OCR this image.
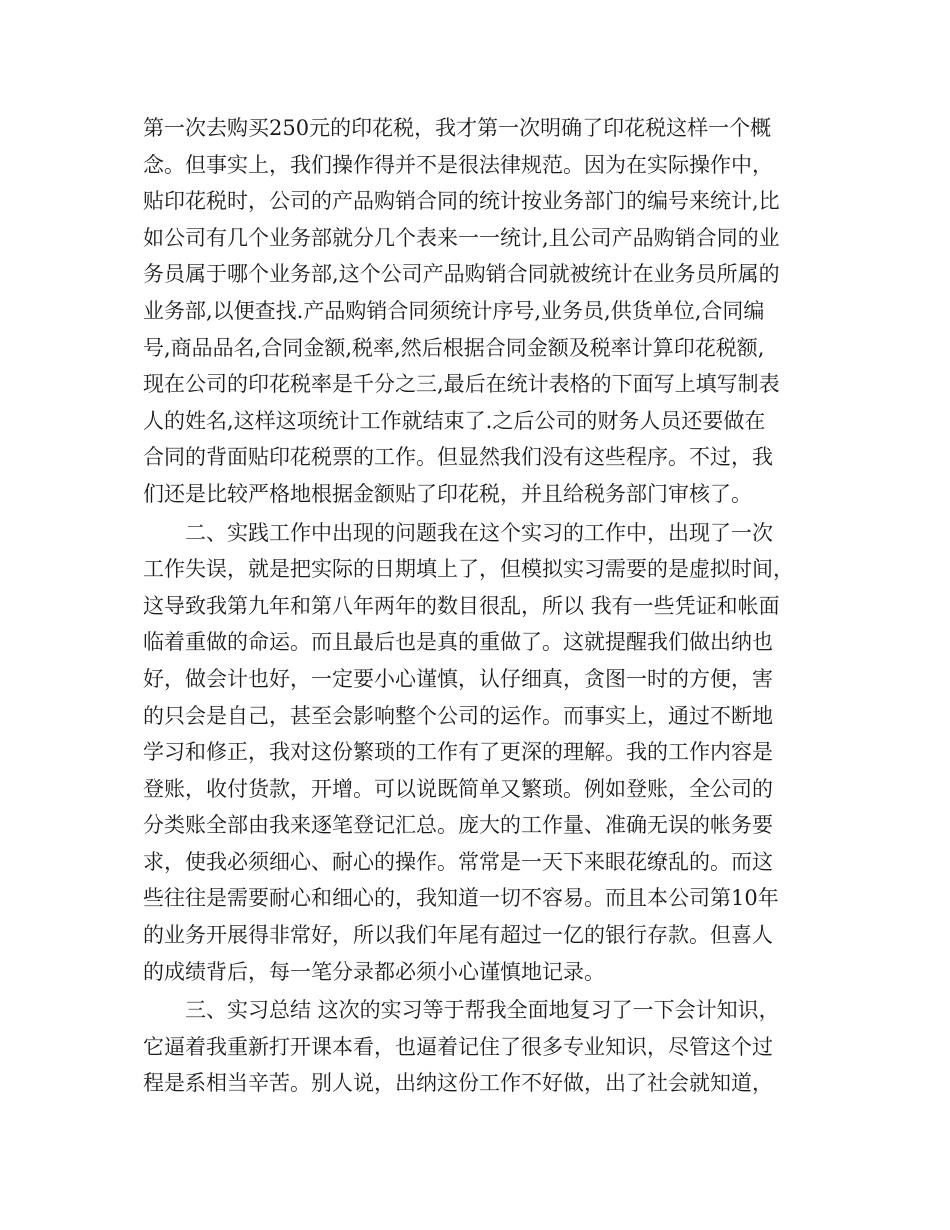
第一次去购买250元的印花税，我才第一次明确了印花税这样一个概
念。但事实上，我们操作得并不是很法律规范。因为在实际操作中，
贴印花税时，公司的产品购销合同的统计按业务部门的编号来统计,比
如公司有几个业务部就分几个表来一一统计,且公司产品购销合同的业
务员属于哪个业务部,这个公司产品购销合同就被统计在业务员所属的
业务部,以便查找.产品购销合同须统计序号,业务员,供货单位,合同编
号,商品品名,合同金额,税率,然后根据合同金额及税率计算印花税额,
现在公司的印花税率是千分之三,最后在统计表格的下面写上填写制表
人的姓名,这样这项统计工作就结束了.之后公司的财务人员还要做在
合同的背面贴印花税票的工作。但显然我们没有这些程序。不过，我
们还是比较严格地根据金额贴了印花税，并且给税务部门审核了。

二、实践工作中出现的问题我在这个实习的工作中，出现了一次
工作失误，就是把实际的日期填上了，但模拟实习需要的是虚拟时间，
这导致我第九年和第八年两年的数目很乱，所以 我有一些凭证和帐面
临着重做的命运。而且最后也是真的重做了。这就提醒我们做出纳也
好，做会计也好，一定要小心谨慎，认仔细真，贪图一时的方便，害
的只会是自己，甚至会影响整个公司的运作。而事实上，通过不断地
学习和修正，我对这份繁琐的工作有了更深的理解。我的工作内容是
登账，收付货款，开增。可以说既简单又繁琐。例如登账，全公司的
分类账全部由我来逐笔登记汇总。庞大的工作量、准确无误的帐务要
求，使我必须细心、耐心的操作。常常是一天下来眼花缭乱的。而这
些往往是需要耐心和细心的，我知道一切不容易。而且本公司第10年
的业务开展得非常好，所以我们年尾有超过一亿的银行存款。但喜人
的成绩背后，每一笔分录都必须小心谨慎地记录。

三、实习总结 这次的实习等于帮我全面地复习了一下会计知识，
它逼着我重新打开课本看，也逼着记住了很多专业知识，尽管这个过
程是系相当辛苦。别人说，出纳这份工作不好做，出了社会就知道，
